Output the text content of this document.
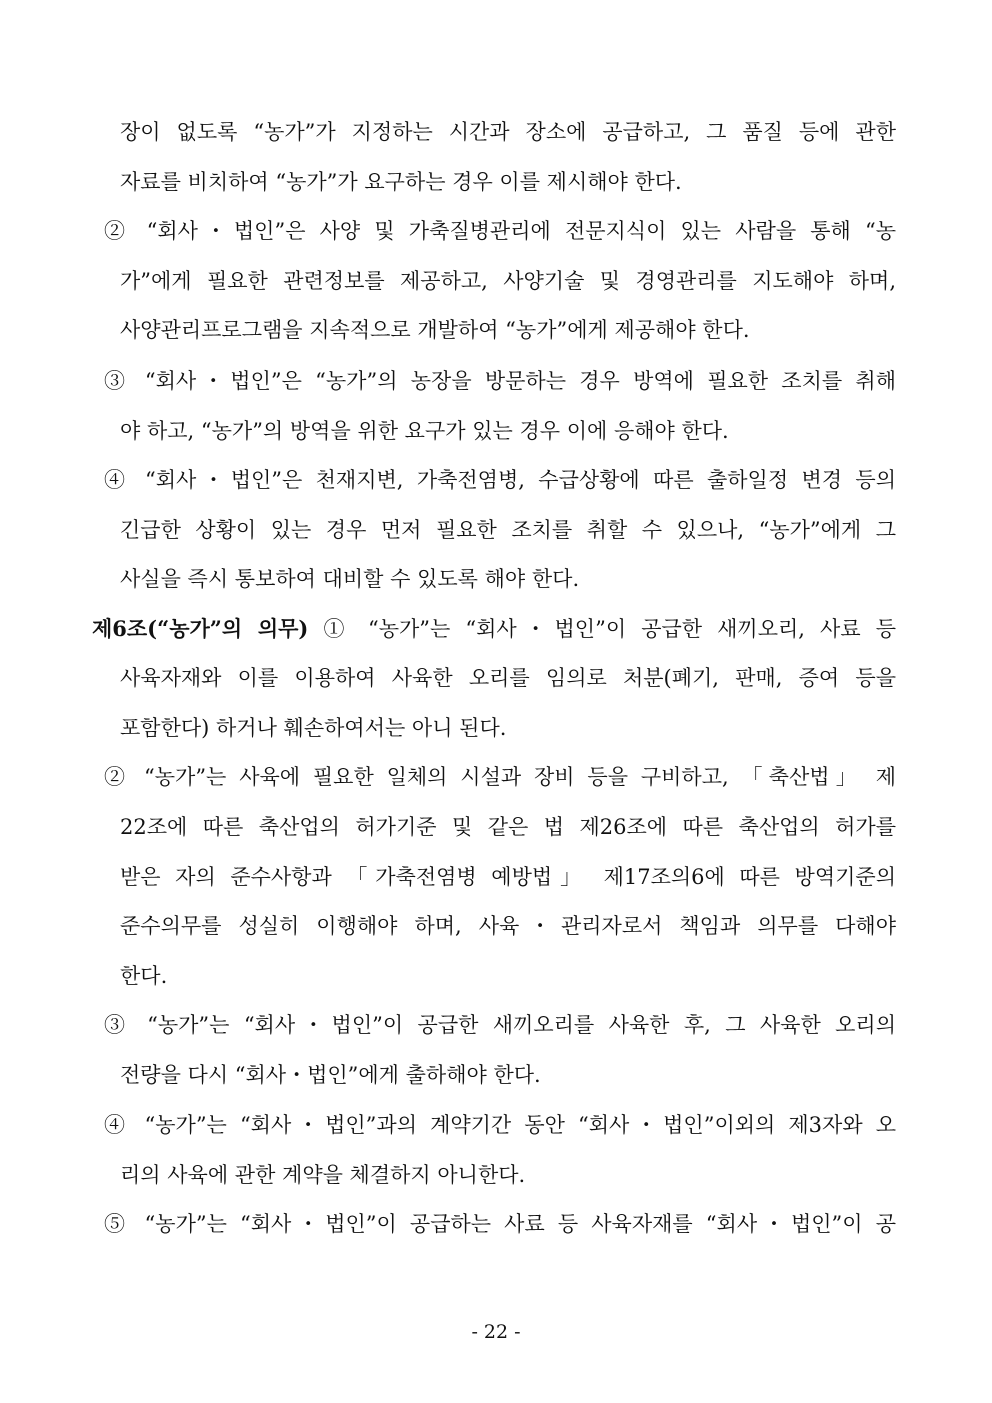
장이 없도록 “농가”가 지정하는 시간과 장소에 공급하고, 그 품질 등에 관한
자료를 비치하여 “농가”가 요구하는 경우 이를 제시해야 한다.
② “회사・법인”은 사양 및 가축질병관리에 전문지식이 있는 사람을 통해 “농
가”에게 필요한 관련정보를 제공하고, 사양기술 및 경영관리를 지도해야 하며,
사양관리프로그램을 지속적으로 개발하여 “농가”에게 제공해야 한다.
③ “회사・법인”은 “농가”의 농장을 방문하는 경우 방역에 필요한 조치를 취해
야 하고, “농가”의 방역을 위한 요구가 있는 경우 이에 응해야 한다.
④ “회사・법인”은 천재지변, 가축전염병, 수급상황에 따른 출하일정 변경 등의
긴급한 상황이 있는 경우 먼저 필요한 조치를 취할 수 있으나, “농가”에게 그
사실을 즉시 통보하여 대비할 수 있도록 해야 한다.
제6조(“농가”의 의무) ① “농가”는 “회사・법인”이 공급한 새끼오리, 사료 등
사육자재와 이를 이용하여 사육한 오리를 임의로 처분(폐기, 판매, 증여 등을
포함한다) 하거나 훼손하여서는 아니 된다.
② “농가”는 사육에 필요한 일체의 시설과 장비 등을 구비하고, 「축산법」 제
22조에 따른 축산업의 허가기준 및 같은 법 제26조에 따른 축산업의 허가를
받은 자의 준수사항과 「가축전염병 예방법」 제17조의6에 따른 방역기준의
준수의무를 성실히 이행해야 하며, 사육・관리자로서 책임과 의무를 다해야
한다.
③ “농가”는 “회사・법인”이 공급한 새끼오리를 사육한 후, 그 사육한 오리의
전량을 다시 “회사・법인”에게 출하해야 한다.
④ “농가”는 “회사・법인”과의 계약기간 동안 “회사・법인”이외의 제3자와 오
리의 사육에 관한 계약을 체결하지 아니한다.
⑤ “농가”는 “회사・법인”이 공급하는 사료 등 사육자재를 “회사・법인”이 공
- 22 -
